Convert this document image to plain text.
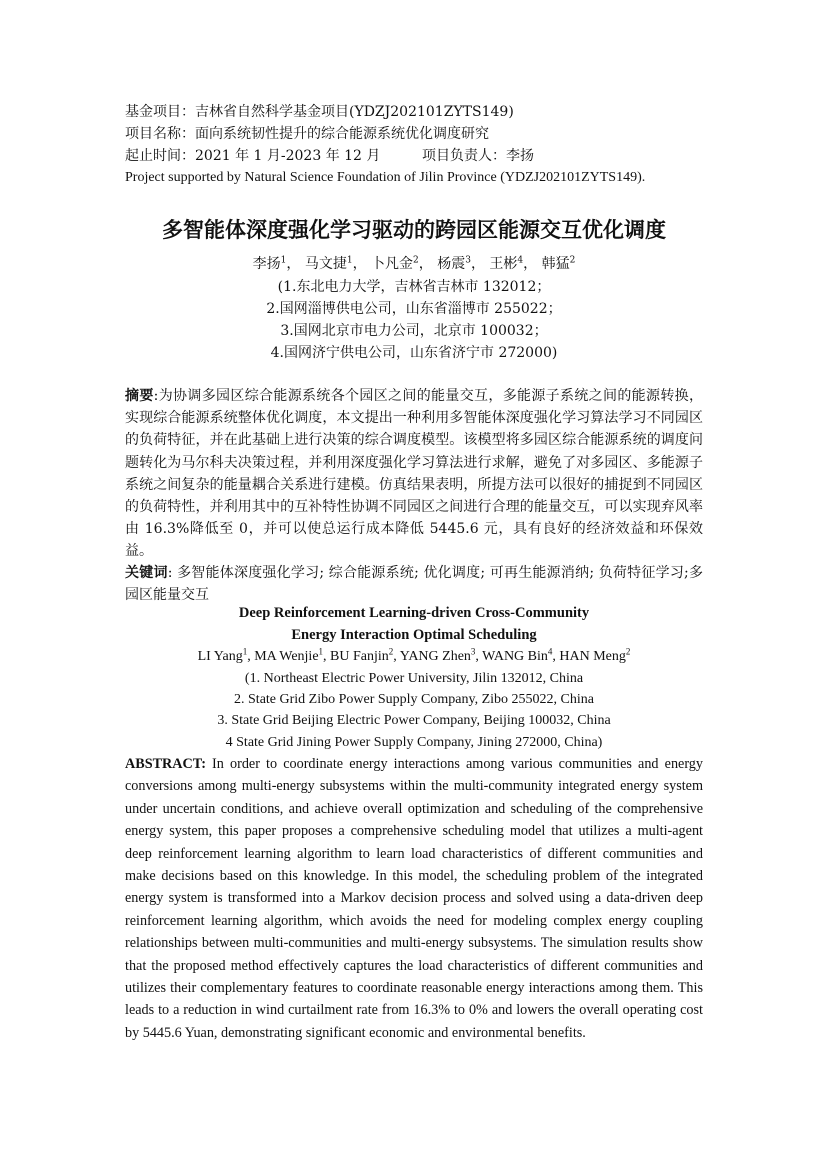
基金项目：吉林省自然科学基金项目(YDZJ202101ZYTS149)
项目名称：面向系统韧性提升的综合能源系统优化调度研究
起止时间：2021 年 1 月-2023 年 12 月	项目负责人：李扬
Project supported by Natural Science Foundation of Jilin Province (YDZJ202101ZYTS149).
多智能体深度强化学习驱动的跨园区能源交互优化调度
李扬$^1$， 马文捷$^1$， 卜凡金$^2$， 杨震$^3$， 王彬$^4$， 韩猛$^2$
(1.东北电力大学，吉林省吉林市 132012；
2.国网淄博供电公司，山东省淄博市 255022；
3.国网北京市电力公司，北京市 100032；
4.国网济宁供电公司，山东省济宁市 272000)
摘要:为协调多园区综合能源系统各个园区之间的能量交互，多能源子系统之间的能源转换，实现综合能源系统整体优化调度，本文提出一种利用多智能体深度强化学习算法学习不同园区的负荷特征，并在此基础上进行决策的综合调度模型。该模型将多园区综合能源系统的调度问题转化为马尔科夫决策过程，并利用深度强化学习算法进行求解，避免了对多园区、多能源子系统之间复杂的能量耦合关系进行建模。仿真结果表明，所提方法可以很好的捕捉到不同园区的负荷特性，并利用其中的互补特性协调不同园区之间进行合理的能量交互，可以实现弃风率由 16.3%降低至 0，并可以使总运行成本降低 5445.6 元，具有良好的经济效益和环保效益。
关键词: 多智能体深度强化学习; 综合能源系统; 优化调度; 可再生能源消纳; 负荷特征学习;多园区能量交互
Deep Reinforcement Learning-driven Cross-Community
Energy Interaction Optimal Scheduling
LI Yang$^1$, MA Wenjie$^1$, BU Fanjin$^2$, YANG Zhen$^3$, WANG Bin$^4$, HAN Meng$^2$
(1. Northeast Electric Power University, Jilin 132012, China
2. State Grid Zibo Power Supply Company, Zibo 255022, China
3. State Grid Beijing Electric Power Company, Beijing 100032, China
4 State Grid Jining Power Supply Company, Jining 272000, China)
ABSTRACT: In order to coordinate energy interactions among various communities and energy conversions among multi-energy subsystems within the multi-community integrated energy system under uncertain conditions, and achieve overall optimization and scheduling of the comprehensive energy system, this paper proposes a comprehensive scheduling model that utilizes a multi-agent deep reinforcement learning algorithm to learn load characteristics of different communities and make decisions based on this knowledge. In this model, the scheduling problem of the integrated energy system is transformed into a Markov decision process and solved using a data-driven deep reinforcement learning algorithm, which avoids the need for modeling complex energy coupling relationships between multi-communities and multi-energy subsystems. The simulation results show that the proposed method effectively captures the load characteristics of different communities and utilizes their complementary features to coordinate reasonable energy interactions among them. This leads to a reduction in wind curtailment rate from 16.3% to 0% and lowers the overall operating cost by 5445.6 Yuan, demonstrating significant economic and environmental benefits.
